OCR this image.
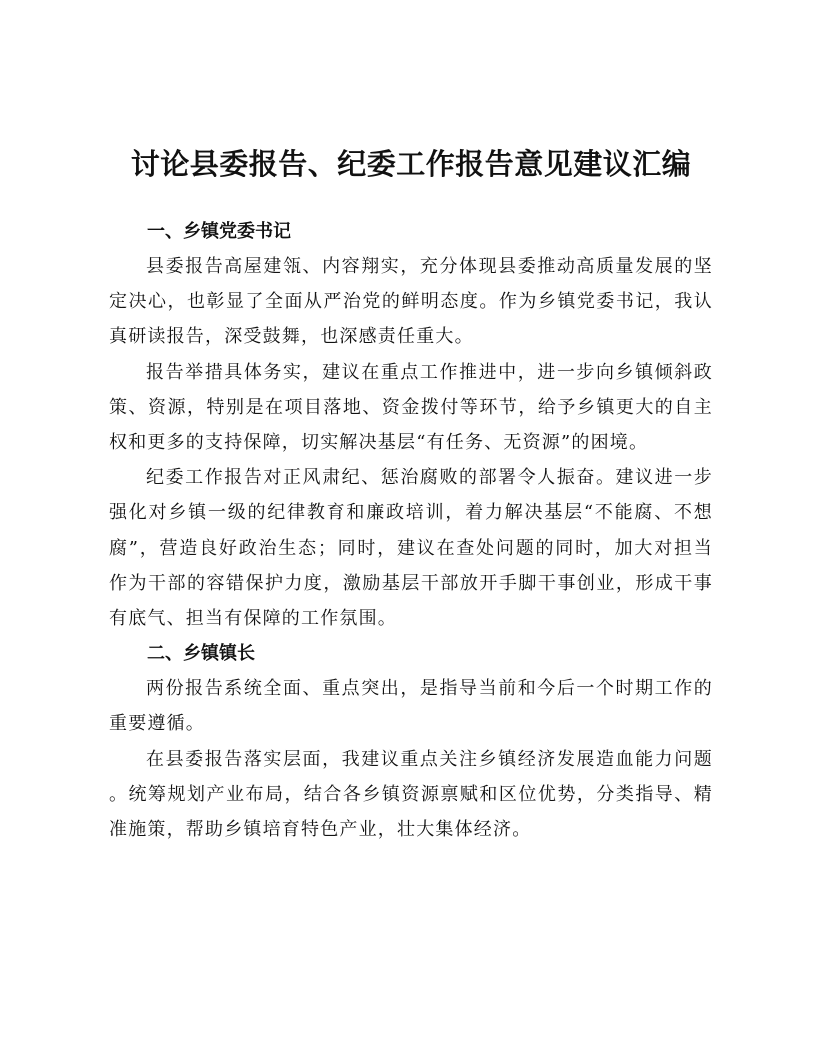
讨论县委报告、纪委工作报告意见建议汇编

一、乡镇党委书记

县委报告高屋建瓴、内容翔实，充分体现县委推动高质量发展的坚定决心，也彰显了全面从严治党的鲜明态度。作为乡镇党委书记，我认真研读报告，深受鼓舞，也深感责任重大。

报告举措具体务实，建议在重点工作推进中，进一步向乡镇倾斜政策、资源，特别是在项目落地、资金拨付等环节，给予乡镇更大的自主权和更多的支持保障，切实解决基层“有任务、无资源”的困境。

纪委工作报告对正风肃纪、惩治腐败的部署令人振奋。建议进一步强化对乡镇一级的纪律教育和廉政培训，着力解决基层“不能腐、不想腐”，营造良好政治生态；同时，建议在查处问题的同时，加大对担当作为干部的容错保护力度，激励基层干部放开手脚干事创业，形成干事有底气、担当有保障的工作氛围。

二、乡镇镇长

两份报告系统全面、重点突出，是指导当前和今后一个时期工作的重要遵循。

在县委报告落实层面，我建议重点关注乡镇经济发展造血能力问题。统筹规划产业布局，结合各乡镇资源禀赋和区位优势，分类指导、精准施策，帮助乡镇培育特色产业，壮大集体经济。
